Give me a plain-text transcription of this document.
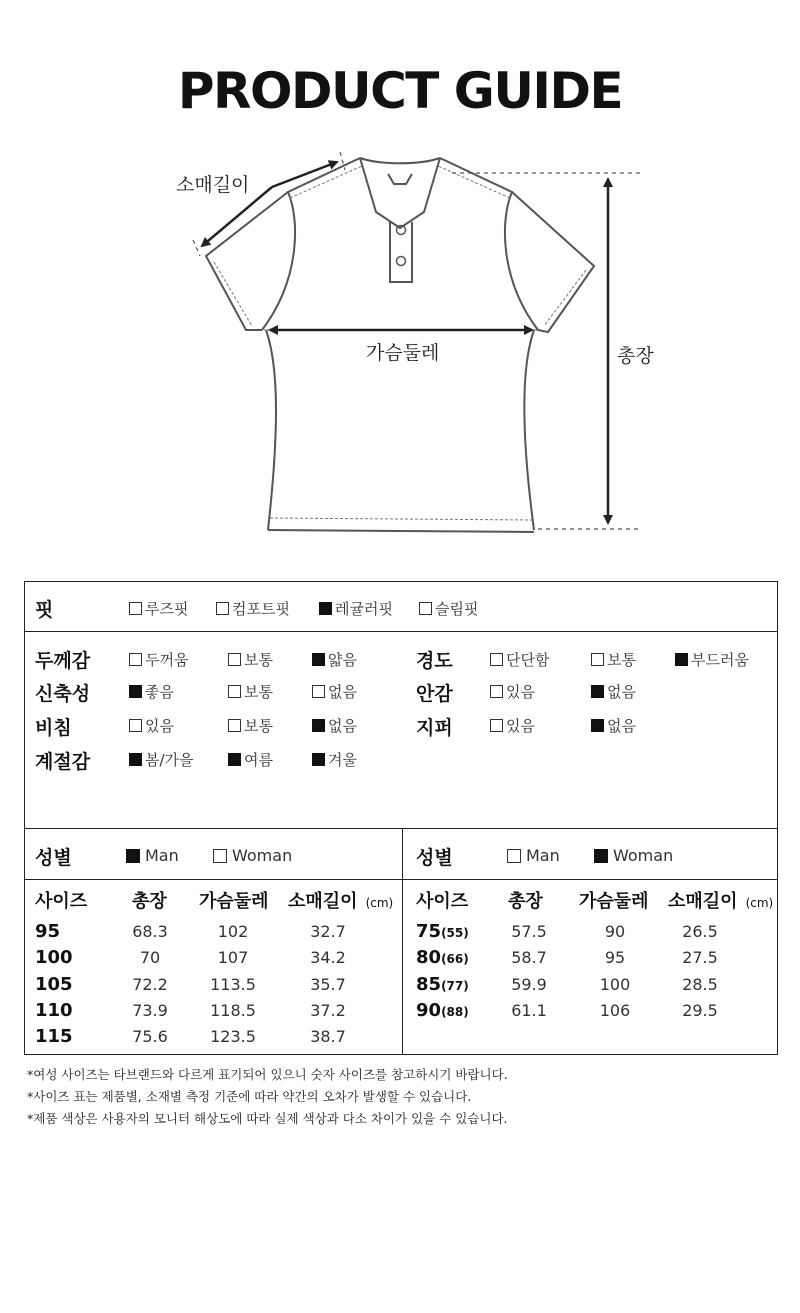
PRODUCT GUIDE
소매길이
가슴둘레	총장
핏	루즈핏	컴포트핏	레귤러핏	슬림핏
두께감	두꺼움	보통	얇음
신축성	좋음	보통	없음
비침	있음	보통	없음
계절감	봄/가을	여름	겨울
경도	단단함	보통	부드러움
안감	있음	없음
지퍼	있음	없음
성별	Man	Woman	성별	Man	Woman
사이즈 총장 가슴둘레 소매길이 (cm)
95	68.3	102	32.7
100	70	107	34.2
105	72.2	113.5	35.7
110	73.9	118.5	37.2
115	75.6	123.5	38.7
사이즈 총장 가슴둘레 소매길이 (cm)
75(55)	57.5	90	26.5
80(66)	58.7	95	27.5
85(77)	59.9	100	28.5
90(88)	61.1	106	29.5
*여성 사이즈는 타브랜드와 다르게 표기되어 있으니 숫자 사이즈를 참고하시기 바랍니다.
*사이즈 표는 제품별, 소재별 측정 기준에 따라 약간의 오차가 발생할 수 있습니다.
*제품 색상은 사용자의 모니터 해상도에 따라 실제 색상과 다소 차이가 있을 수 있습니다.
